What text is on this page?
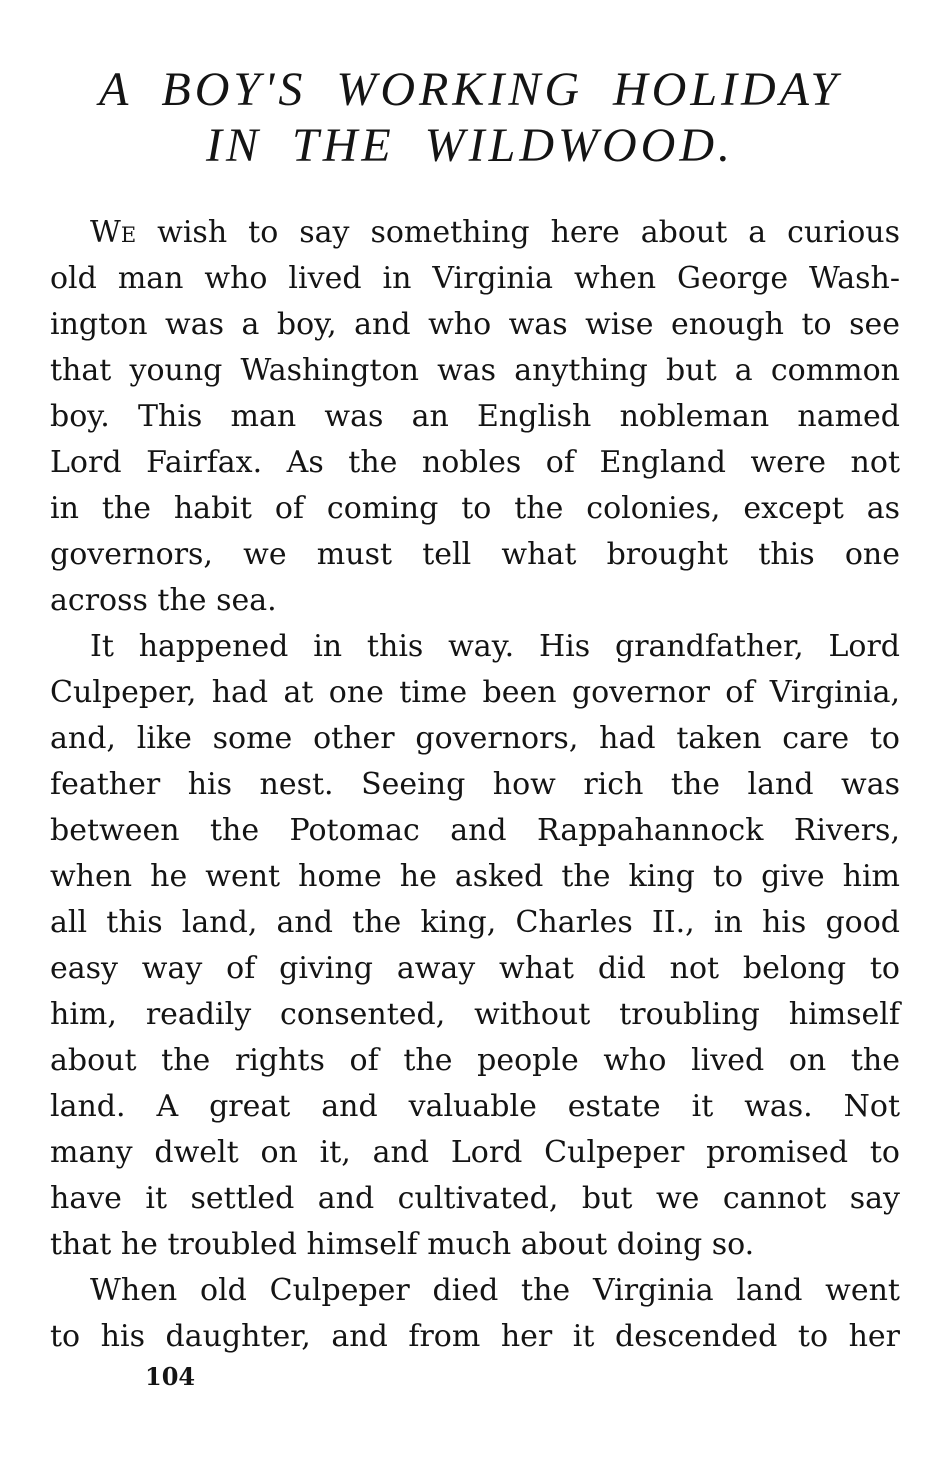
A BOY'S WORKING HOLIDAY
IN THE WILDWOOD.
We wish to say something here about a curious
old man who lived in Virginia when George Wash-
ington was a boy, and who was wise enough to see
that young Washington was anything but a common
boy. This man was an English nobleman named
Lord Fairfax. As the nobles of England were not
in the habit of coming to the colonies, except as
governors, we must tell what brought this one
across the sea.
It happened in this way. His grandfather, Lord
Culpeper, had at one time been governor of Virginia,
and, like some other governors, had taken care to
feather his nest. Seeing how rich the land was
between the Potomac and Rappahannock Rivers,
when he went home he asked the king to give him
all this land, and the king, Charles II., in his good
easy way of giving away what did not belong to
him, readily consented, without troubling himself
about the rights of the people who lived on the
land. A great and valuable estate it was. Not
many dwelt on it, and Lord Culpeper promised to
have it settled and cultivated, but we cannot say
that he troubled himself much about doing so.
When old Culpeper died the Virginia land went
to his daughter, and from her it descended to her
104
